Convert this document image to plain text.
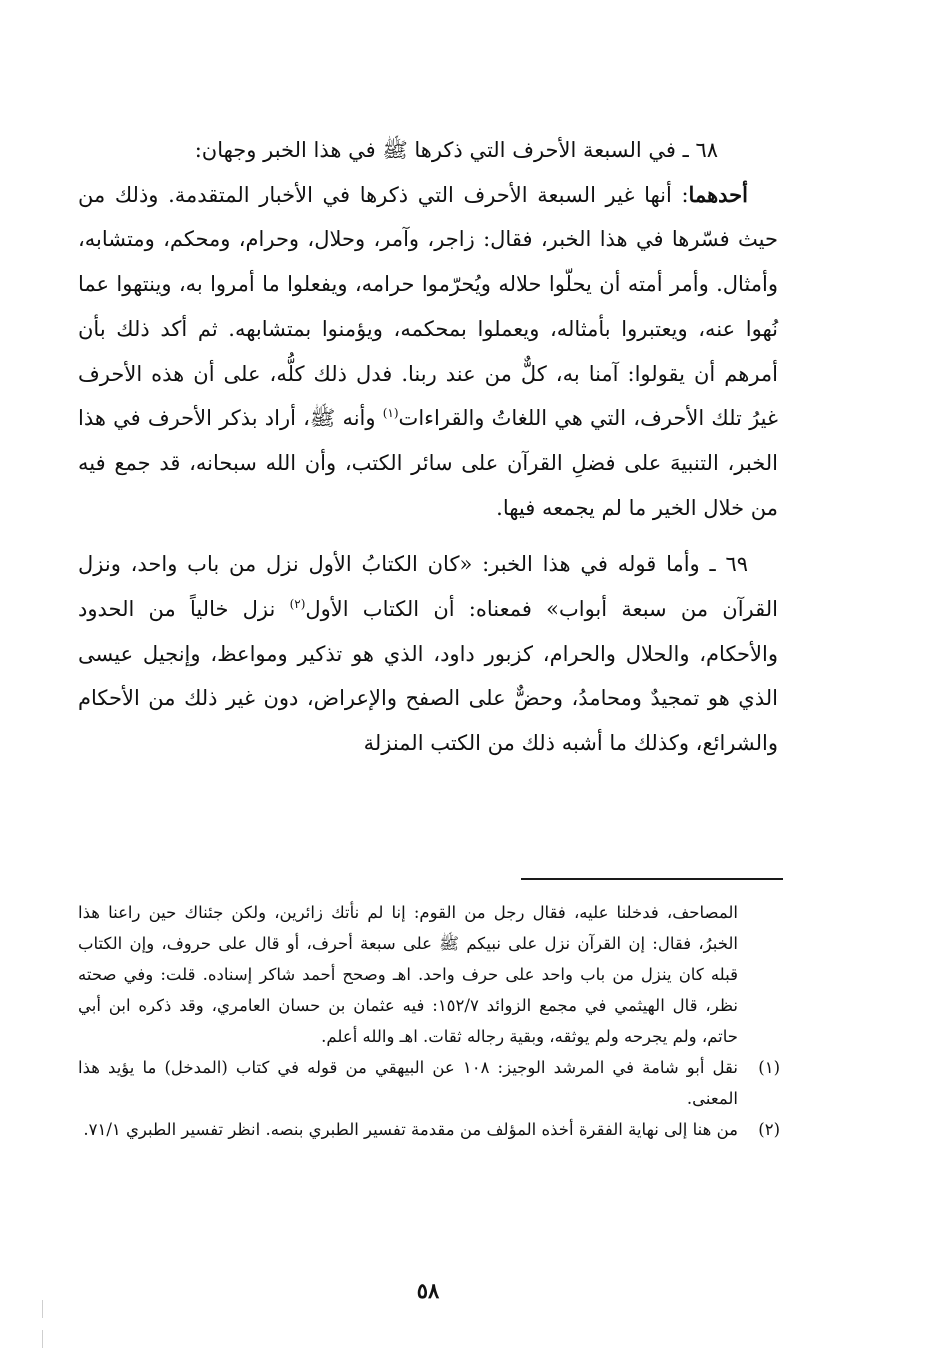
٦٨ ـ في السبعة الأحرف التي ذكرها ﷺ في هذا الخبر وجهان:

أحدهما: أنها غير السبعة الأحرف التي ذكرها في الأخبار المتقدمة. وذلك من حيث فسّرها في هذا الخبر، فقال: زاجر، وآمر، وحلال، وحرام، ومحكم، ومتشابه، وأمثال. وأمر أمته أن يحلّوا حلاله ويُحرّموا حرامه، ويفعلوا ما أمروا به، وينتهوا عما نُهوا عنه، ويعتبروا بأمثاله، ويعملوا بمحكمه، ويؤمنوا بمتشابهه. ثم أكد ذلك بأن أمرهم أن يقولوا: آمنا به، كلٌّ من عند ربنا. فدل ذلك كلُّه، على أن هذه الأحرف غيرُ تلك الأحرف، التي هي اللغاتُ والقراءات$^{(١)}$ وأنه ﷺ، أراد بذكر الأحرف في هذا الخبر، التنبيهَ على فضلِ القرآن على سائر الكتب، وأن الله سبحانه، قد جمع فيه من خلال الخير ما لم يجمعه فيها.

٦٩ ـ وأما قوله في هذا الخبر: «كان الكتابُ الأول نزل من باب واحد، ونزل القرآن من سبعة أبواب» فمعناه: أن الكتاب الأول$^{(٢)}$ نزل خالياً من الحدود والأحكام، والحلال والحرام، كزبور داود، الذي هو تذكير ومواعظ، وإنجيل عيسى الذي هو تمجيدٌ ومحامدُ، وحضٌّ على الصفح والإعراض، دون غير ذلك من الأحكام والشرائع، وكذلك ما أشبه ذلك من الكتب المنزلة

المصاحف، فدخلنا عليه، فقال رجل من القوم: إنا لم نأتك زائرين، ولكن جئناك حين راعنا هذا الخبرُ، فقال: إن القرآن نزل على نبيكم ﷺ على سبعة أحرف، أو قال على حروف، وإن الكتاب قبله كان ينزل من باب واحد على حرف واحد. اهـ وصحح أحمد شاكر إسناده. قلت: وفي صحته نظر، قال الهيثمي في مجمع الزوائد ١٥٢/٧: فيه عثمان بن حسان العامري، وقد ذكره ابن أبي حاتم، ولم يجرحه ولم يوثقه، وبقية رجاله ثقات. اهـ والله أعلم.

(١)
نقل أبو شامة في المرشد الوجيز: ١٠٨ عن البيهقي من قوله في كتاب (المدخل) ما يؤيد هذا المعنى.

(٢)
من هنا إلى نهاية الفقرة أخذه المؤلف من مقدمة تفسير الطبري بنصه. انظر تفسير الطبري ٧١/١.

٥٨
